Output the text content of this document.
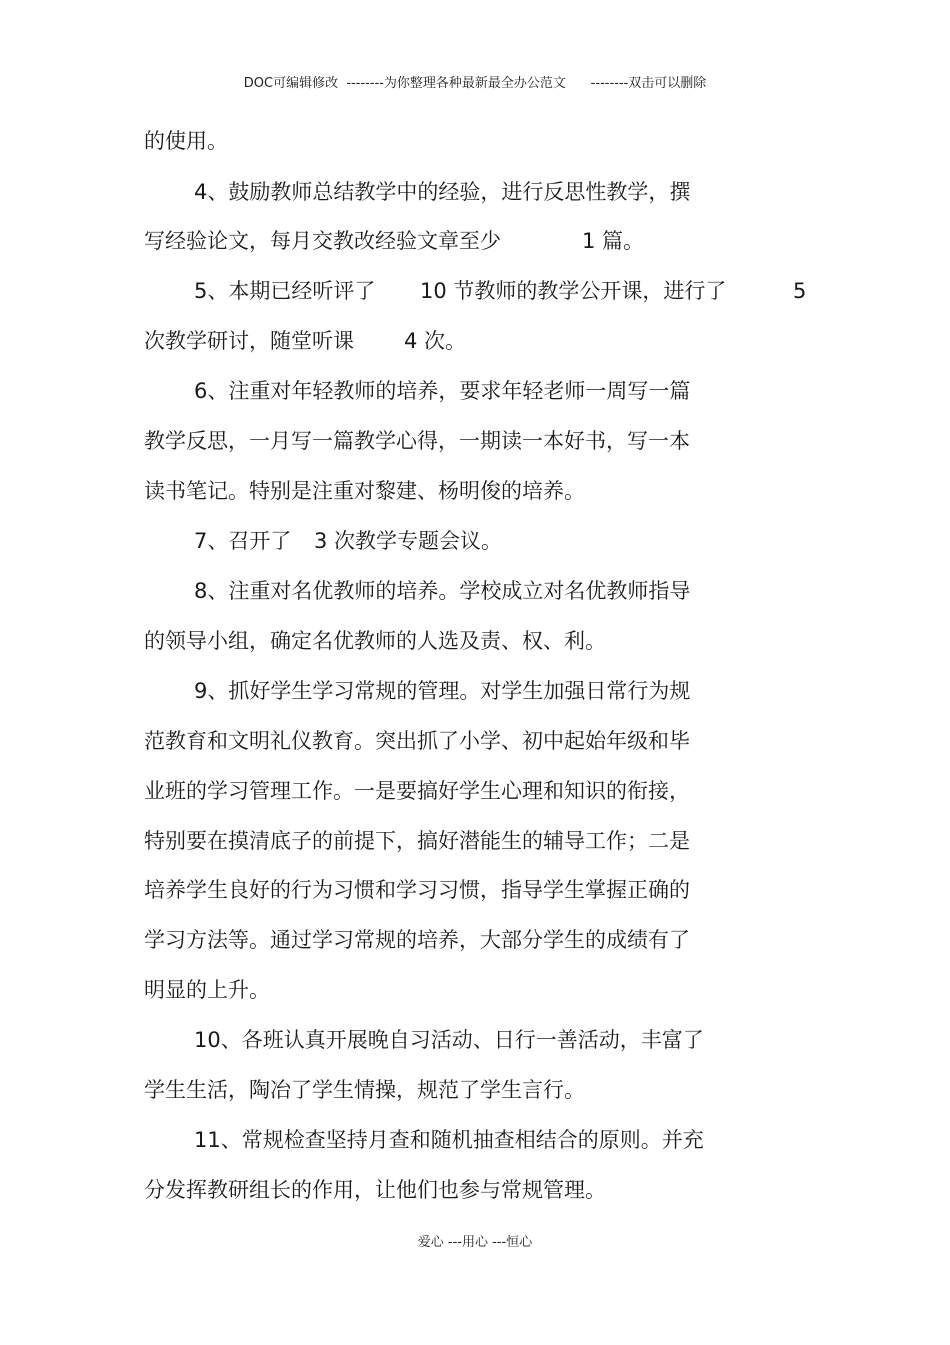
DOC可编辑修改  --------为你整理各种最新最全办公范文      --------双击可以删除
的使用。
4、鼓励教师总结教学中的经验，进行反思性教学，撰
写经验论文，每月交教改经验文章至少	1 篇。
5、本期已经听评了 10 节教师的教学公开课，进行了	5
次教学研讨，随堂听课 4 次。
6、注重对年轻教师的培养，要求年轻老师一周写一篇
教学反思，一月写一篇教学心得，一期读一本好书，写一本
读书笔记。特别是注重对黎建、杨明俊的培养。
7、召开了 3 次教学专题会议。
8、注重对名优教师的培养。学校成立对名优教师指导
的领导小组，确定名优教师的人选及责、权、利。
9、抓好学生学习常规的管理。对学生加强日常行为规
范教育和文明礼仪教育。突出抓了小学、初中起始年级和毕
业班的学习管理工作。一是要搞好学生心理和知识的衔接，
特别要在摸清底子的前提下，搞好潜能生的辅导工作；二是
培养学生良好的行为习惯和学习习惯，指导学生掌握正确的
学习方法等。通过学习常规的培养，大部分学生的成绩有了
明显的上升。
10、各班认真开展晚自习活动、日行一善活动，丰富了
学生生活，陶冶了学生情操，规范了学生言行。
11、常规检查坚持月查和随机抽查相结合的原则。并充
分发挥教研组长的作用，让他们也参与常规管理。
爱心 ---用心 ---恒心
